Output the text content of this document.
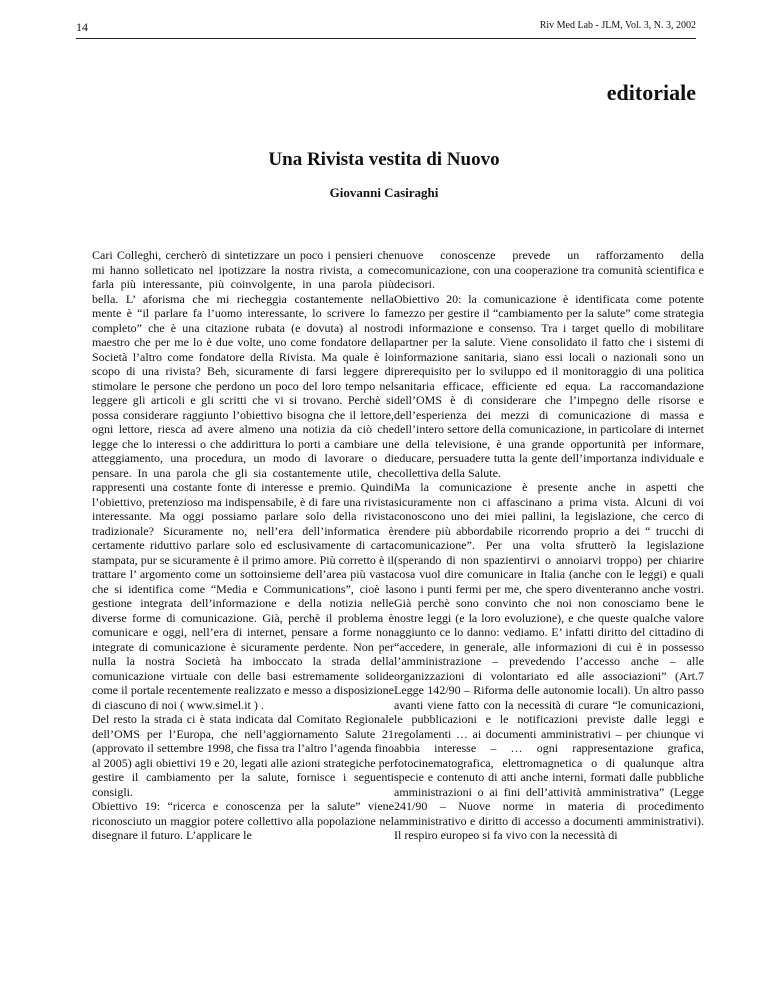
14	Riv Med Lab - JLM, Vol. 3, N. 3, 2002
editoriale
Una Rivista vestita di Nuovo
Giovanni Casiraghi

Cari Colleghi, cercherò di sintetizzare un poco i pensieri che mi hanno solleticato nel ipotizzare la nostra rivista, a come farla più interessante, più coinvolgente, in una parola più bella. L’ aforisma che mi riecheggia costantemente nella mente è “il parlare fa l’uomo interessante, lo scrivere lo fa completo” che è una citazione rubata (e dovuta) al nostro maestro che per me lo è due volte, uno come fondatore della Società l’altro come fondatore della Rivista. Ma quale è lo scopo di una rivista? Beh, sicuramente di farsi leggere di stimolare le persone che perdono un poco del loro tempo nel leggere gli articoli e gli scritti che vi si trovano. Perchè si possa considerare raggiunto l’obiettivo bisogna che il lettore, ogni lettore, riesca ad avere almeno una notizia da ciò che legge che lo interessi o che addirittura lo porti a cambiare un atteggiamento, una procedura, un modo di lavorare o di pensare. In una parola che gli sia costantemente utile, che rappresenti una costante fonte di interesse e premio. Quindi l’obiettivo, pretenzioso ma indispensabile, è di fare una rivista interessante. Ma oggi possiamo parlare solo della rivista tradizionale? Sicuramente no, nell’era dell’informatica è certamente riduttivo parlare solo ed esclusivamente di carta stampata, pur se sicuramente è il primo amore. Più corretto è il trattare l’ argomento come un sottoinsieme dell’area più vasta che si identifica come “Media e Communications”, cioè la gestione integrata dell’informazione e della notizia nelle diverse forme di comunicazione. Già, perchè il problema è comunicare e oggi, nell’era di internet, pensare a forme non integrate di comunicazione è sicuramente perdente. Non per nulla la nostra Società ha imboccato la strada della comunicazione virtuale con delle basi estremamente solide come il portale recentemente realizzato e messo a disposizione di ciascuno di noi ( www.simel.it ) .

Del resto la strada ci è stata indicata dal Comitato Regionale dell’OMS per l’Europa, che nell’aggiornamento Salute 21 (approvato il settembre 1998, che fissa tra l’altro l’agenda fino al 2005) agli obiettivi 19 e 20, legati alle azioni strategiche per gestire il cambiamento per la salute, fornisce i seguenti consigli.

Obiettivo 19: “ricerca e conoscenza per la salute” viene riconosciuto un maggior potere collettivo alla popolazione nel disegnare il futuro. L’applicare le

nuove conoscenze prevede un rafforzamento della comunicazione, con una cooperazione tra comunità scientifica e decisori.

Obiettivo 20: la comunicazione è identificata come potente mezzo per gestire il “cambiamento per la salute” come strategia di informazione e consenso. Tra i target quello di mobilitare partner per la salute. Viene consolidato il fatto che i sistemi di informazione sanitaria, siano essi locali o nazionali sono un prerequisito per lo sviluppo ed il monitoraggio di una politica sanitaria efficace, efficiente ed equa. La raccomandazione dell’OMS è di considerare che l’impegno delle risorse e dell’esperienza dei mezzi di comunicazione di massa e dell’intero settore della comunicazione, in particolare di internet e della televisione, è una grande opportunità per informare, educare, persuadere tutta la gente dell’importanza individuale e collettiva della Salute.

Ma la comunicazione è presente anche in aspetti che sicuramente non ci affascinano a prima vista. Alcuni di voi conoscono uno dei miei pallini, la legislazione, che cerco di rendere più abbordabile ricorrendo proprio a dei “ trucchi di comunicazione”. Per una volta sfrutterò la legislazione (sperando di non spazientirvi o annoiarvi troppo) per chiarire cosa vuol dire comunicare in Italia (anche con le leggi) e quali sono i punti fermi per me, che spero diventeranno anche vostri. Già perchè sono convinto che noi non conosciamo bene le nostre leggi (e la loro evoluzione), e che queste qualche valore aggiunto ce lo danno: vediamo. E’ infatti diritto del cittadino di “accedere, in generale, alle informazioni di cui è in possesso l’amministrazione – prevedendo l’accesso anche – alle organizzazioni di volontariato ed alle associazioni” (Art.7 Legge 142/90 – Riforma delle autonomie locali). Un altro passo avanti viene fatto con la necessità di curare “le comunicazioni, le pubblicazioni e le notificazioni previste dalle leggi e regolamenti … ai documenti amministrativi – per chiunque vi abbia interesse – … ogni rappresentazione grafica, fotocinematografica, elettromagnetica o di qualunque altra specie e contenuto di atti anche interni, formati dalle pubbliche amministrazioni o ai fini dell’attività amministrativa” (Legge 241/90 – Nuove norme in materia di procedimento amministrativo e diritto di accesso a documenti amministrativi). Il respiro europeo si fa vivo con la necessità di
